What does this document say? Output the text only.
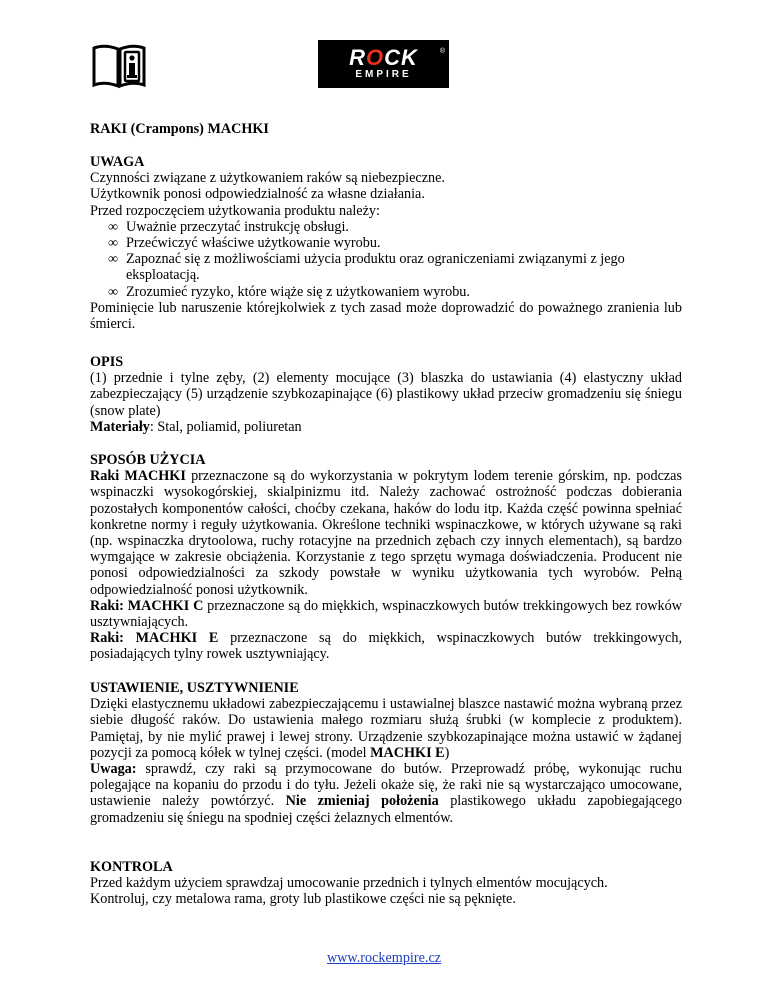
ROCK
EMPIRE
®
RAKI (Crampons) MACHKI

UWAGA

Czynności związane z użytkowaniem raków są niebezpieczne.

Użytkownik ponosi odpowiedzialność za własne działania.

Przed rozpoczęciem użytkowania produktu należy:

∞ Uważnie przeczytać instrukcję obsługi.
∞ Przećwiczyć właściwe użytkowanie wyrobu.
∞ Zapoznać się z możliwościami użycia produktu oraz ograniczeniami związanymi z jego eksploatacją.
∞ Zrozumieć ryzyko, które wiąże się z użytkowaniem wyrobu.

Pominięcie lub naruszenie którejkolwiek z tych zasad może doprowadzić do poważnego zranienia lub śmierci.

OPIS

(1) przednie i tylne zęby, (2) elementy mocujące (3) blaszka do ustawiania (4) elastyczny układ zabezpieczający (5) urządzenie szybkozapinające (6) plastikowy układ przeciw gromadzeniu się śniegu (snow plate)

Materiały: Stal, poliamid, poliuretan

SPOSÓB UŻYCIA

Raki MACHKI przeznaczone są do wykorzystania w pokrytym lodem terenie górskim, np. podczas wspinaczki wysokogórskiej, skialpinizmu itd. Należy zachować ostrożność podczas dobierania pozostałych komponentów całości, choćby czekana, haków do lodu itp. Każda część powinna spełniać konkretne normy i reguły użytkowania. Określone techniki wspinaczkowe, w których używane są raki (np. wspinaczka drytoolowa, ruchy rotacyjne na przednich zębach czy innych elementach), są bardzo wymgające w zakresie obciążenia. Korzystanie z tego sprzętu wymaga doświadczenia. Producent nie ponosi odpowiedzialności za szkody powstałe w wyniku użytkowania tych wyrobów. Pełną odpowiedzialność ponosi użytkownik.

Raki: MACHKI C przeznaczone są do miękkich, wspinaczkowych butów trekkingowych bez rowków usztywniających.

Raki: MACHKI E przeznaczone są do miękkich, wspinaczkowych butów trekkingowych, posiadających tylny rowek usztywniający.

USTAWIENIE, USZTYWNIENIE

Dzięki elastycznemu układowi zabezpieczającemu i ustawialnej blaszce nastawić można wybraną przez siebie długość raków. Do ustawienia małego rozmiaru służą śrubki (w komplecie z produktem). Pamiętaj, by nie mylić prawej i lewej strony. Urządzenie szybkozapinające można ustawić w żądanej pozycji za pomocą kółek w tylnej części. (model MACHKI E)

Uwaga: sprawdź, czy raki są przymocowane do butów. Przeprowadź próbę, wykonując ruchu polegające na kopaniu do przodu i do tyłu. Jeżeli okaże się, że raki nie są wystarczająco umocowane, ustawienie należy powtórzyć. Nie zmieniaj położenia plastikowego układu zapobiegającego gromadzeniu się śniegu na spodniej części żelaznych elmentów.

KONTROLA

Przed każdym użyciem sprawdzaj umocowanie przednich i tylnych elmentów mocujących.

Kontroluj, czy metalowa rama, groty lub plastikowe części nie są pęknięte.

www.rockempire.cz
